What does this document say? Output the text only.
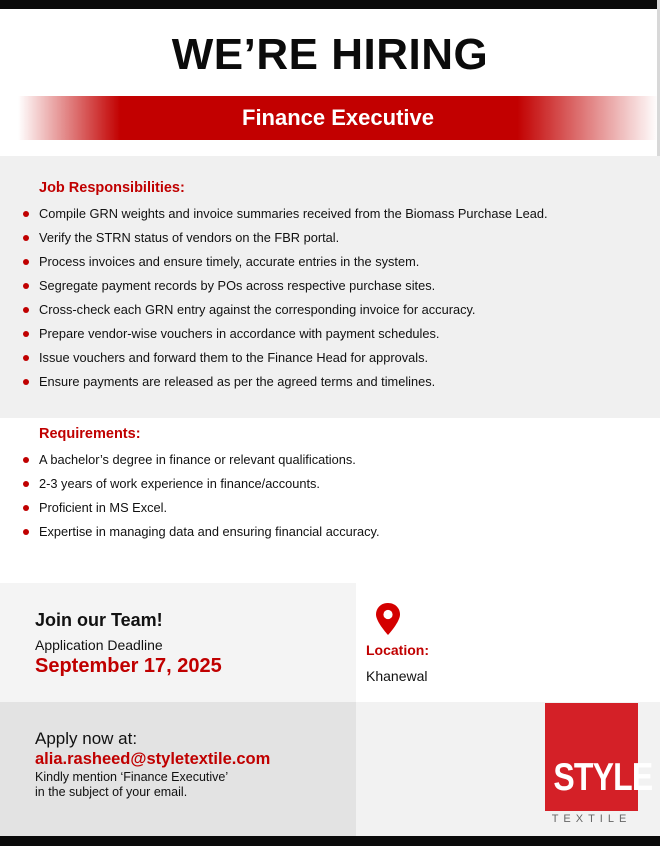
WE’RE HIRING
Finance Executive
Job Responsibilities:
Compile GRN weights and invoice summaries received from the Biomass Purchase Lead.
Verify the STRN status of vendors on the FBR portal.
Process invoices and ensure timely, accurate entries in the system.
Segregate payment records by POs across respective purchase sites.
Cross-check each GRN entry against the corresponding invoice for accuracy.
Prepare vendor-wise vouchers in accordance with payment schedules.
Issue vouchers and forward them to the Finance Head for approvals.
Ensure payments are released as per the agreed terms and timelines.
Requirements:
A bachelor’s degree in finance or relevant qualifications.
2-3 years of work experience in finance/accounts.
Proficient in MS Excel.
Expertise in managing data and ensuring financial accuracy.
Join our Team!
Application Deadline
September 17, 2025
Apply now at:
alia.rasheed@styletextile.com
Kindly mention ‘Finance Executive’
in the subject of your email.
Location:
Khanewal
STYLE
TEXTILE
